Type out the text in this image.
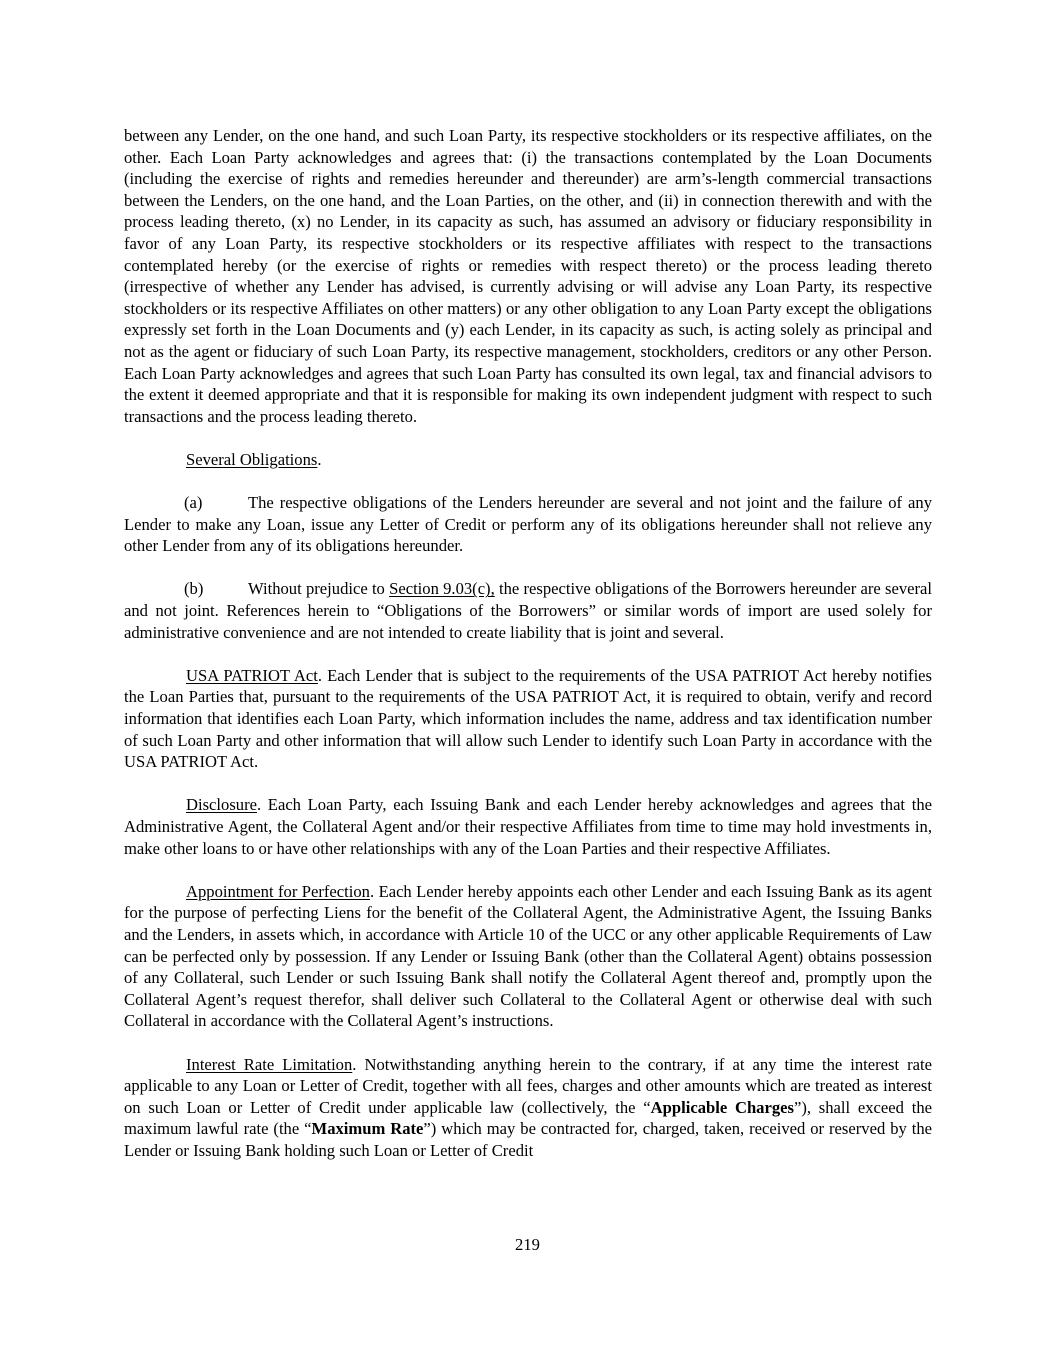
between any Lender, on the one hand, and such Loan Party, its respective stockholders or its respective affiliates, on the other. Each Loan Party acknowledges and agrees that: (i) the transactions contemplated by the Loan Documents (including the exercise of rights and remedies hereunder and thereunder) are arm’s-length commercial transactions between the Lenders, on the one hand, and the Loan Parties, on the other, and (ii) in connection therewith and with the process leading thereto, (x) no Lender, in its capacity as such, has assumed an advisory or fiduciary responsibility in favor of any Loan Party, its respective stockholders or its respective affiliates with respect to the transactions contemplated hereby (or the exercise of rights or remedies with respect thereto) or the process leading thereto (irrespective of whether any Lender has advised, is currently advising or will advise any Loan Party, its respective stockholders or its respective Affiliates on other matters) or any other obligation to any Loan Party except the obligations expressly set forth in the Loan Documents and (y) each Lender, in its capacity as such, is acting solely as principal and not as the agent or fiduciary of such Loan Party, its respective management, stockholders, creditors or any other Person. Each Loan Party acknowledges and agrees that such Loan Party has consulted its own legal, tax and financial advisors to the extent it deemed appropriate and that it is responsible for making its own independent judgment with respect to such transactions and the process leading thereto.

Several Obligations.

(a)	The respective obligations of the Lenders hereunder are several and not joint and the failure of any Lender to make any Loan, issue any Letter of Credit or perform any of its obligations hereunder shall not relieve any other Lender from any of its obligations hereunder.

(b)	Without prejudice to Section 9.03(c), the respective obligations of the Borrowers hereunder are several and not joint. References herein to “Obligations of the Borrowers” or similar words of import are used solely for administrative convenience and are not intended to create liability that is joint and several.

USA PATRIOT Act. Each Lender that is subject to the requirements of the USA PATRIOT Act hereby notifies the Loan Parties that, pursuant to the requirements of the USA PATRIOT Act, it is required to obtain, verify and record information that identifies each Loan Party, which information includes the name, address and tax identification number of such Loan Party and other information that will allow such Lender to identify such Loan Party in accordance with the USA PATRIOT Act.

Disclosure. Each Loan Party, each Issuing Bank and each Lender hereby acknowledges and agrees that the Administrative Agent, the Collateral Agent and/or their respective Affiliates from time to time may hold investments in, make other loans to or have other relationships with any of the Loan Parties and their respective Affiliates.

Appointment for Perfection. Each Lender hereby appoints each other Lender and each Issuing Bank as its agent for the purpose of perfecting Liens for the benefit of the Collateral Agent, the Administrative Agent, the Issuing Banks and the Lenders, in assets which, in accordance with Article 10 of the UCC or any other applicable Requirements of Law can be perfected only by possession. If any Lender or Issuing Bank (other than the Collateral Agent) obtains possession of any Collateral, such Lender or such Issuing Bank shall notify the Collateral Agent thereof and, promptly upon the Collateral Agent’s request therefor, shall deliver such Collateral to the Collateral Agent or otherwise deal with such Collateral in accordance with the Collateral Agent’s instructions.

Interest Rate Limitation. Notwithstanding anything herein to the contrary, if at any time the interest rate applicable to any Loan or Letter of Credit, together with all fees, charges and other amounts which are treated as interest on such Loan or Letter of Credit under applicable law (collectively, the “Applicable Charges”), shall exceed the maximum lawful rate (the “Maximum Rate”) which may be contracted for, charged, taken, received or reserved by the Lender or Issuing Bank holding such Loan or Letter of Credit

219
